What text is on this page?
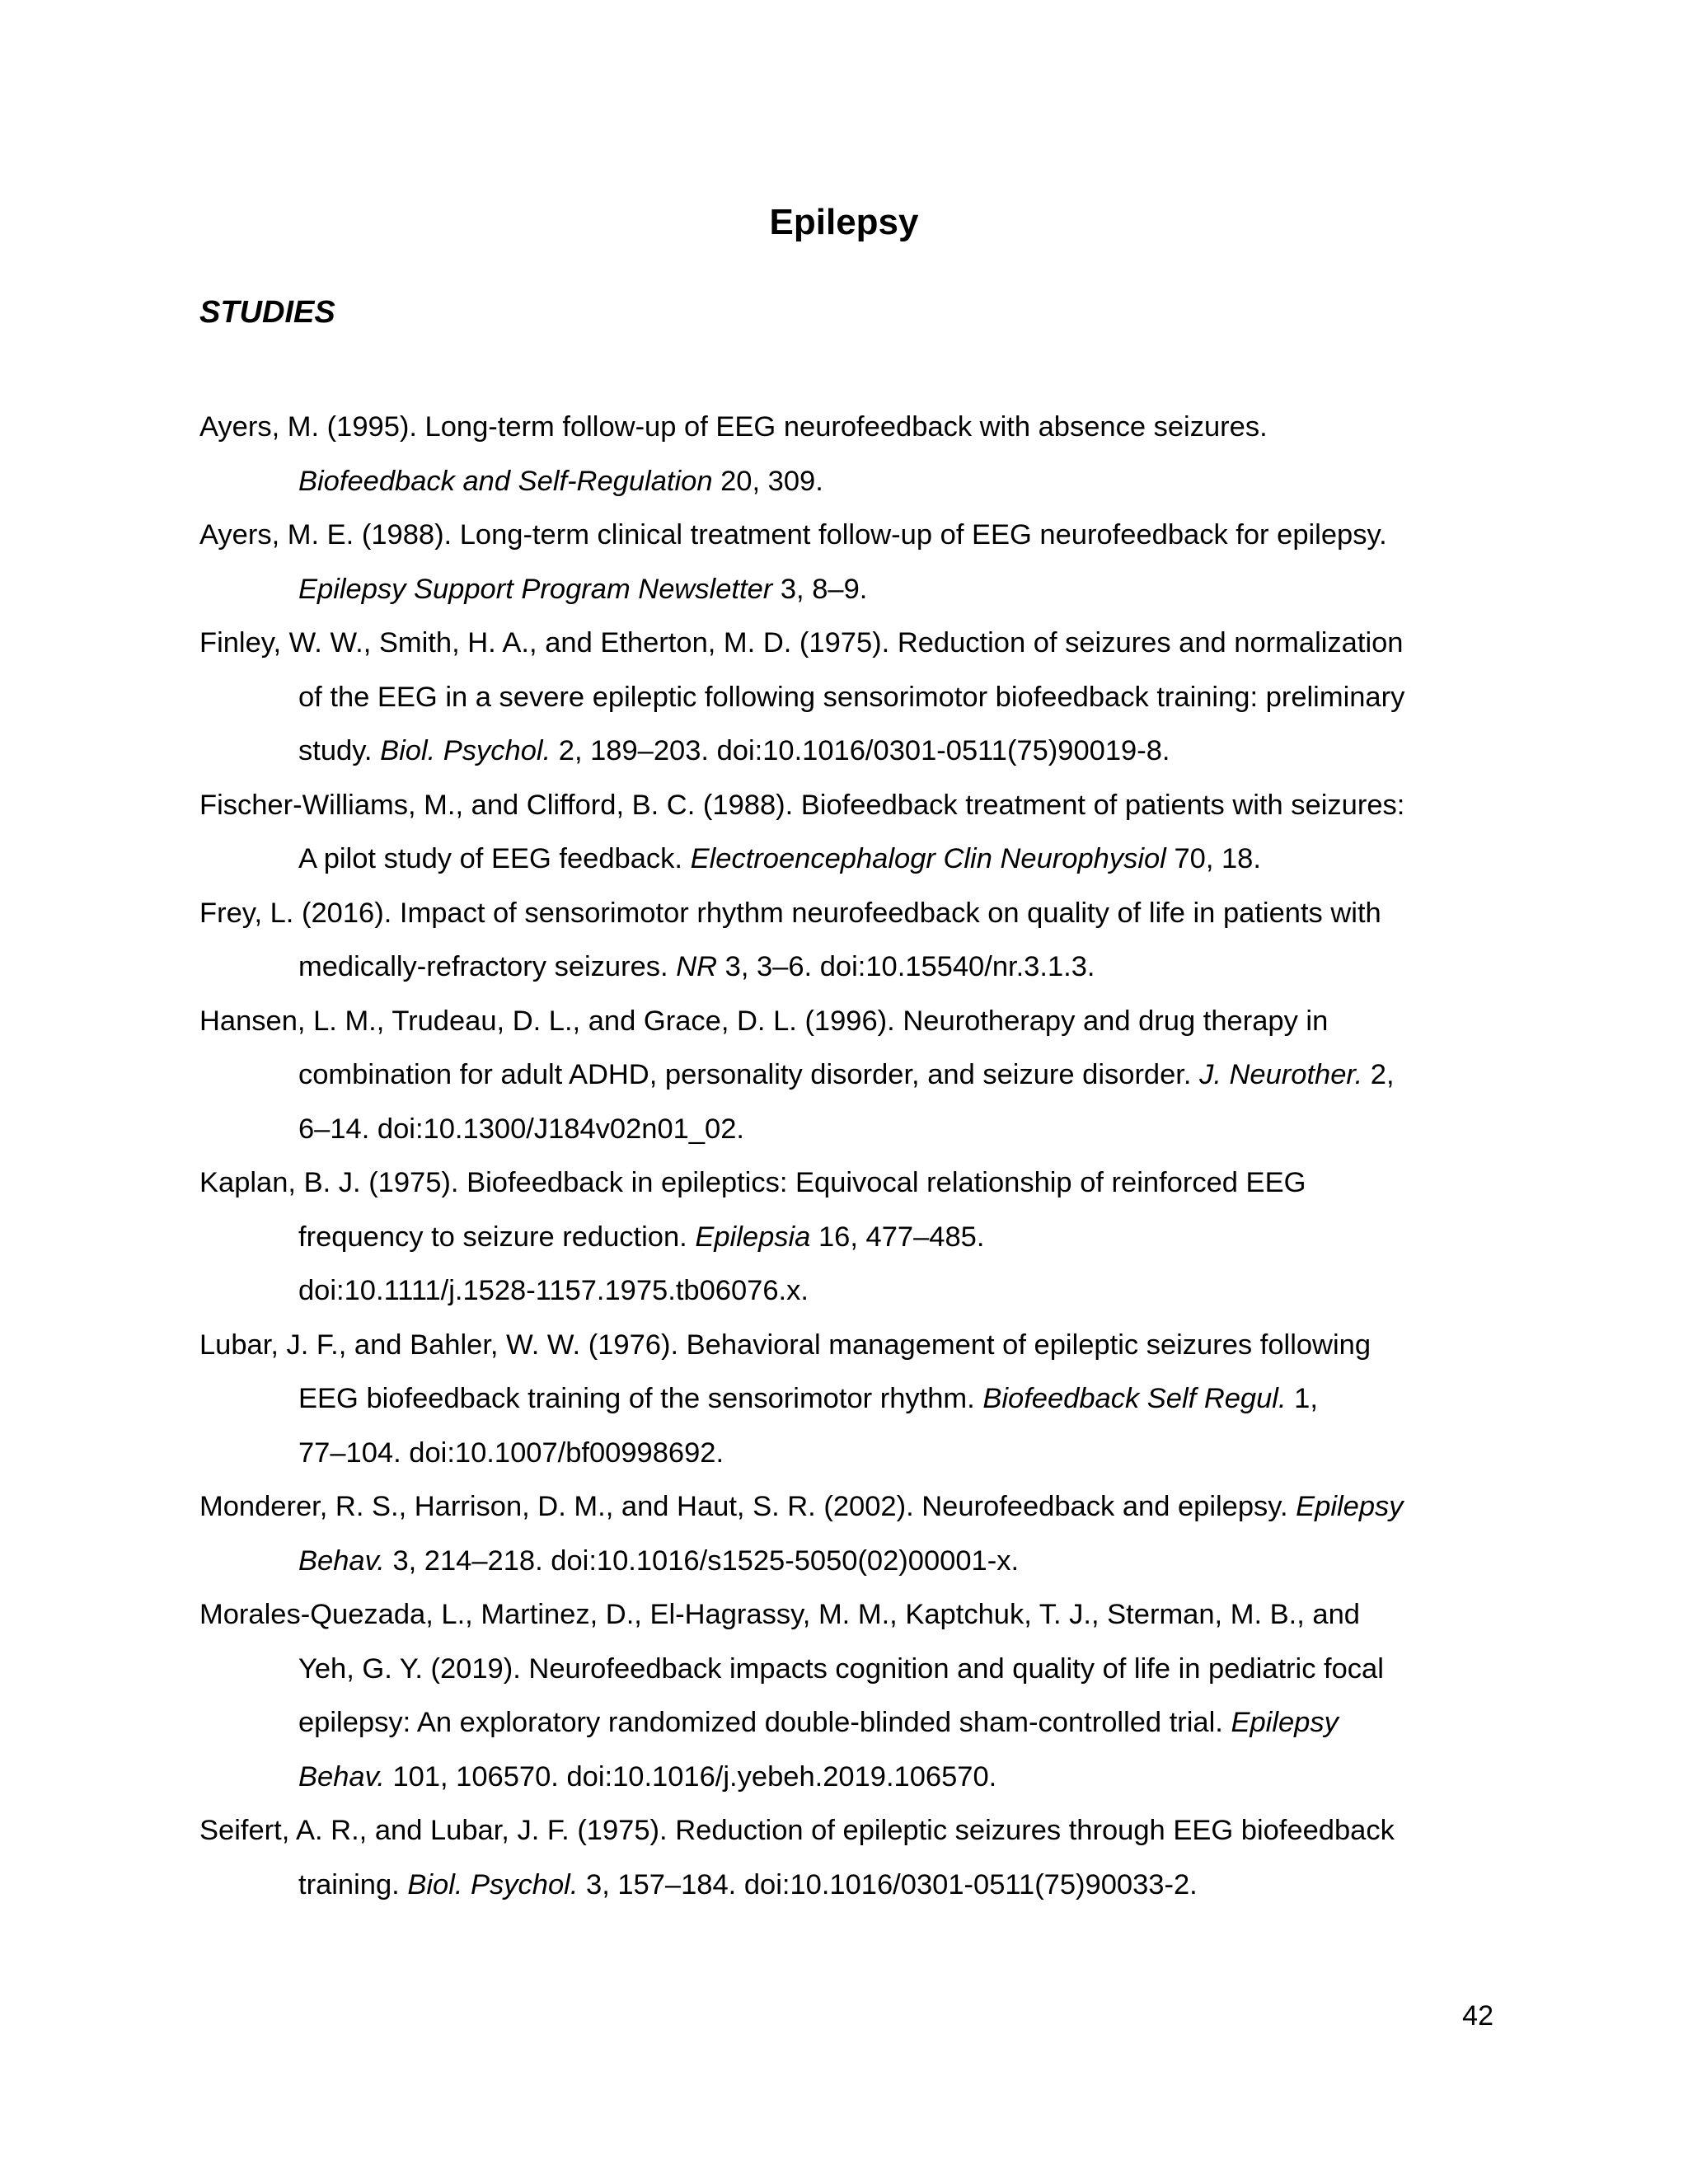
Epilepsy
STUDIES
Ayers, M. (1995). Long-term follow-up of EEG neurofeedback with absence seizures.
Biofeedback and Self-Regulation 20, 309.
Ayers, M. E. (1988). Long-term clinical treatment follow-up of EEG neurofeedback for epilepsy.
Epilepsy Support Program Newsletter 3, 8–9.
Finley, W. W., Smith, H. A., and Etherton, M. D. (1975). Reduction of seizures and normalization
of the EEG in a severe epileptic following sensorimotor biofeedback training: preliminary
study. Biol. Psychol. 2, 189–203. doi:10.1016/0301-0511(75)90019-8.
Fischer-Williams, M., and Clifford, B. C. (1988). Biofeedback treatment of patients with seizures:
A pilot study of EEG feedback. Electroencephalogr Clin Neurophysiol 70, 18.
Frey, L. (2016). Impact of sensorimotor rhythm neurofeedback on quality of life in patients with
medically-refractory seizures. NR 3, 3–6. doi:10.15540/nr.3.1.3.
Hansen, L. M., Trudeau, D. L., and Grace, D. L. (1996). Neurotherapy and drug therapy in
combination for adult ADHD, personality disorder, and seizure disorder. J. Neurother. 2,
6–14. doi:10.1300/J184v02n01_02.
Kaplan, B. J. (1975). Biofeedback in epileptics: Equivocal relationship of reinforced EEG
frequency to seizure reduction. Epilepsia 16, 477–485.
doi:10.1111/j.1528-1157.1975.tb06076.x.
Lubar, J. F., and Bahler, W. W. (1976). Behavioral management of epileptic seizures following
EEG biofeedback training of the sensorimotor rhythm. Biofeedback Self Regul. 1,
77–104. doi:10.1007/bf00998692.
Monderer, R. S., Harrison, D. M., and Haut, S. R. (2002). Neurofeedback and epilepsy. Epilepsy
Behav. 3, 214–218. doi:10.1016/s1525-5050(02)00001-x.
Morales-Quezada, L., Martinez, D., El-Hagrassy, M. M., Kaptchuk, T. J., Sterman, M. B., and
Yeh, G. Y. (2019). Neurofeedback impacts cognition and quality of life in pediatric focal
epilepsy: An exploratory randomized double-blinded sham-controlled trial. Epilepsy
Behav. 101, 106570. doi:10.1016/j.yebeh.2019.106570.
Seifert, A. R., and Lubar, J. F. (1975). Reduction of epileptic seizures through EEG biofeedback
training. Biol. Psychol. 3, 157–184. doi:10.1016/0301-0511(75)90033-2.
42
